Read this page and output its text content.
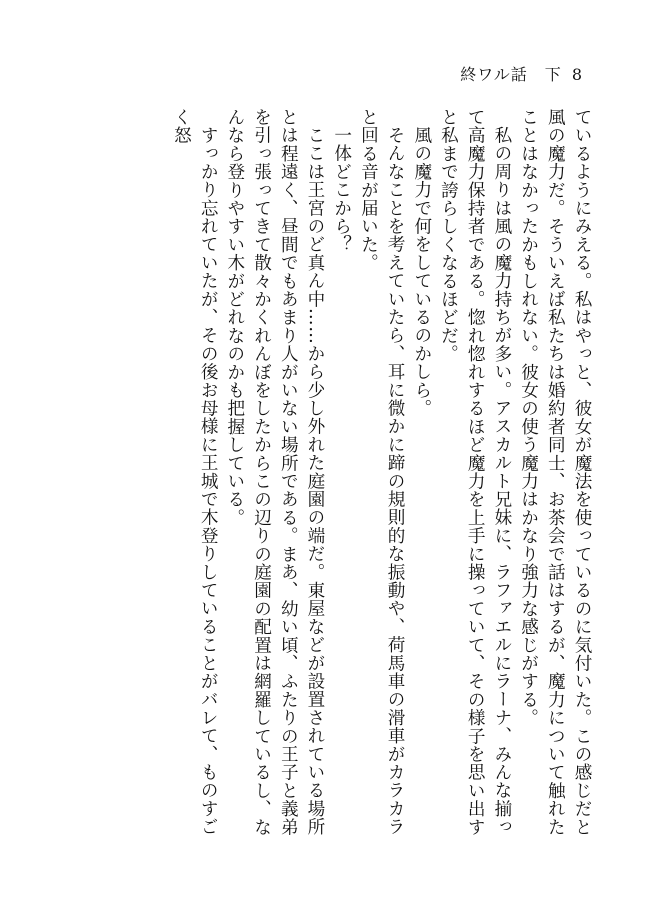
終ワル話　下 8

ているようにみえる。私はやっと、彼女が魔法を使っているのに気付いた。この感じだと風の魔力だ。そういえば私たちは婚約者同士、お茶会で話はするが、魔力について触れたことはなかったかもしれない。彼女の使う魔力はかなり強力な感じがする。

私の周りは風の魔力持ちが多い。アスカルト兄妹に、ラファエルにラーナ、みんな揃って高魔力保持者である。惚れ惚れするほど魔力を上手に操っていて、その様子を思い出すと私まで誇らしくなるほどだ。

風の魔力で何をしているのかしら。

そんなことを考えていたら、耳に微かに蹄の規則的な振動や、荷馬車の滑車がカラカラと回る音が届いた。

一体どこから？

ここは王宮のど真ん中……から少し外れた庭園の端だ。東屋などが設置されている場所とは程遠く、昼間でもあまり人がいない場所である。まあ、幼い頃、ふたりの王子と義弟を引っ張ってきて散々かくれんぼをしたからこの辺りの庭園の配置は網羅しているし、なんなら登りやすい木がどれなのかも把握している。

すっかり忘れていたが、その後お母様に王城で木登りしていることがバレて、ものすごく怒
